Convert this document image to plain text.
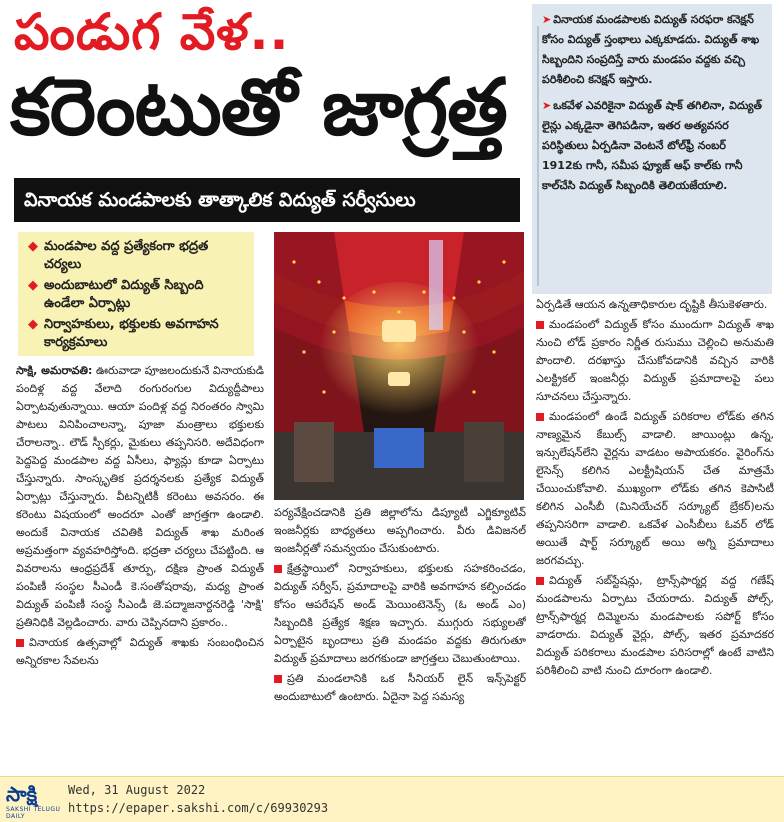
పండుగ వేళ..
కరెంటుతో జాగ్రత్త
వినాయక మండపాలకు తాత్కాలిక విద్యుత్ సర్వీసులు
➤ వినాయక మండపాలకు విద్యుత్ సరఫరా కనెక్షన్ కోసం విద్యుత్ స్తంభాలు ఎక్కకూడదు. విద్యుత్ శాఖ సిబ్బందిని సంప్రదిస్తే వారు మండపం వద్దకు వచ్చి పరిశీలించి కనెక్షన్ ఇస్తారు.
➤ ఒకవేళ ఎవరికైనా విద్యుత్ షాక్ తగిలినా, విద్యుత్ లైన్లు ఎక్కడైనా తెగిపడినా, ఇతర అత్యవసర పరిస్థితులు ఏర్పడినా వెంటనే టోల్‌ఫ్రీ నంబర్ 1912కు గానీ, సమీప ఫ్యూజ్ ఆఫ్ కాల్‌కు గానీ కాల్‌చేసి విద్యుత్ సిబ్బందికి తెలియజేయాలి.
◆ మండపాల వద్ద ప్రత్యేకంగా భద్రత చర్యలు
◆ అందుబాటులో విద్యుత్ సిబ్బంది ఉండేలా ఏర్పాట్లు
◆ నిర్వాహకులు, భక్తులకు అవగాహన కార్యక్రమాలు

సాక్షి, అమరావతి: ఊరువాడా పూజలందుకునే వినాయకుడి పందిళ్ల వద్ద వేలాది రంగురంగుల విద్యుద్దీపాలు ఏర్పాటవుతున్నాయి. ఆయా పందిళ్ల వద్ద నిరంతరం స్వామి పాటలు వినిపించాలన్నా, పూజా మంత్రాలు భక్తులకు చేరాలన్నా.. లౌడ్ స్పీకర్లు, మైకులు తప్పనిసరి. అదేవిధంగా పెద్దపెద్ద మండపాల వద్ద ఏసీలు, ఫ్యాన్లు కూడా ఏర్పాటు చేస్తున్నారు. సాంస్కృతిక ప్రదర్శనలకు ప్రత్యేక విద్యుత్ ఏర్పాట్లు చేస్తున్నారు. వీటన్నిటికీ కరెంటు అవసరం. ఈ కరెంటు విషయంలో అందరూ ఎంతో జాగ్రత్తగా ఉండాలి. అందుకే వినాయక చవితికి విద్యుత్ శాఖ మరింత అప్రమత్తంగా వ్యవహరిస్తోంది. భద్రతా చర్యలు చేపట్టింది. ఆ వివరాలను ఆంధ్రప్రదేశ్ తూర్పు, దక్షిణ ప్రాంత విద్యుత్ పంపిణీ సంస్థల సీఎండీ కె.సంతోషరావు, మధ్య ప్రాంత విద్యుత్ పంపిణీ సంస్థ సీఎండీ జె.పద్మాజనార్దనరెడ్డి 'సాక్షి' ప్రతినిధికి వెల్లడించారు. వారు చెప్పినదాని ప్రకారం..

వినాయక ఉత్సవాల్లో విద్యుత్ శాఖకు సంబంధించిన అన్నిరకాల సేవలను

పర్యవేక్షించడానికి ప్రతి జిల్లాలోను డిప్యూటీ ఎగ్జిక్యూటివ్ ఇంజనీర్లకు బాధ్యతలు అప్పగించారు. వీరు డివిజనల్ ఇంజనీర్లతో సమన్వయం చేసుకుంటారు.

క్షేత్రస్థాయిలో నిర్వాహకులు, భక్తులకు సహకరించడం, విద్యుత్ సర్వీస్, ప్రమాదాలపై వారికి అవగాహన కల్పించడం కోసం ఆపరేషన్ అండ్ మెయింటెనెన్స్ (ఓ అండ్ ఎం) సిబ్బందికి ప్రత్యేక శిక్షణ ఇచ్చారు. ముగ్గురు సభ్యులతో ఏర్పాటైన బృందాలు ప్రతి మండపం వద్దకు తిరుగుతూ విద్యుత్ ప్రమాదాలు జరగకుండా జాగ్రత్తలు చెబుతుంటాయి.

ప్రతి మండలానికి ఒక సీనియర్ లైన్ ఇన్స్‌పెక్టర్ అందుబాటులో ఉంటారు. ఏదైనా పెద్ద సమస్య

ఏర్పడితే ఆయన ఉన్నతాధికారుల దృష్టికి తీసుకెళతారు.

మండపంలో విద్యుత్ కోసం ముందుగా విద్యుత్ శాఖ నుంచి లోడ్ ప్రకారం నిర్ణీత రుసుము చెల్లించి అనుమతి పొందాలి. దరఖాస్తు చేసుకోవడానికి వచ్చిన వారికి ఎలక్ట్రికల్ ఇంజనీర్లు విద్యుత్ ప్రమాదాలపై పలు సూచనలు చేస్తున్నారు.

మండపంలో ఉండే విద్యుత్ పరికరాల లోడ్‌కు తగిన నాణ్యమైన కేబుల్స్ వాడాలి. జాయింట్లు ఉన్న, ఇన్సులేషన్‌లేని వైర్లను వాడటం అపాయకరం. వైరింగ్‌ను లైసెన్స్ కలిగిన ఎలక్ట్రీషియన్ చేత మాత్రమే చేయించుకోవాలి. ముఖ్యంగా లోడ్‌కు తగిన కెపాసిటీ కలిగిన ఎంసీబీ (మినియేచర్ సర్క్యూట్ బ్రేకర్)లను తప్పనిసరిగా వాడాలి. ఒకవేళ ఎంసీబీలు ఓవర్ లోడ్ అయితే షార్ట్ సర్క్యూట్ అయి అగ్ని ప్రమాదాలు జరగవచ్చు.

విద్యుత్ సబ్‌స్టేషన్లు, ట్రాన్స్‌ఫార్మర్ల వద్ద గణేష్ మండపాలను ఏర్పాటు చేయరాదు. విద్యుత్ పోల్స్, ట్రాన్స్‌ఫార్మర్ల దిమ్మెలను మండపాలకు సపోర్ట్ కోసం వాడరాదు. విద్యుత్ వైర్లు, పోల్స్, ఇతర ప్రమాదకర విద్యుత్ పరికరాలు మండపాల పరిసరాల్లో ఉంటే వాటిని పరిశీలించి వాటి నుంచి దూరంగా ఉండాలి.

సాక్షి
SAKSHI TELUGU DAILY
Wed, 31 August 2022
https://epaper.sakshi.com/c/69930293
